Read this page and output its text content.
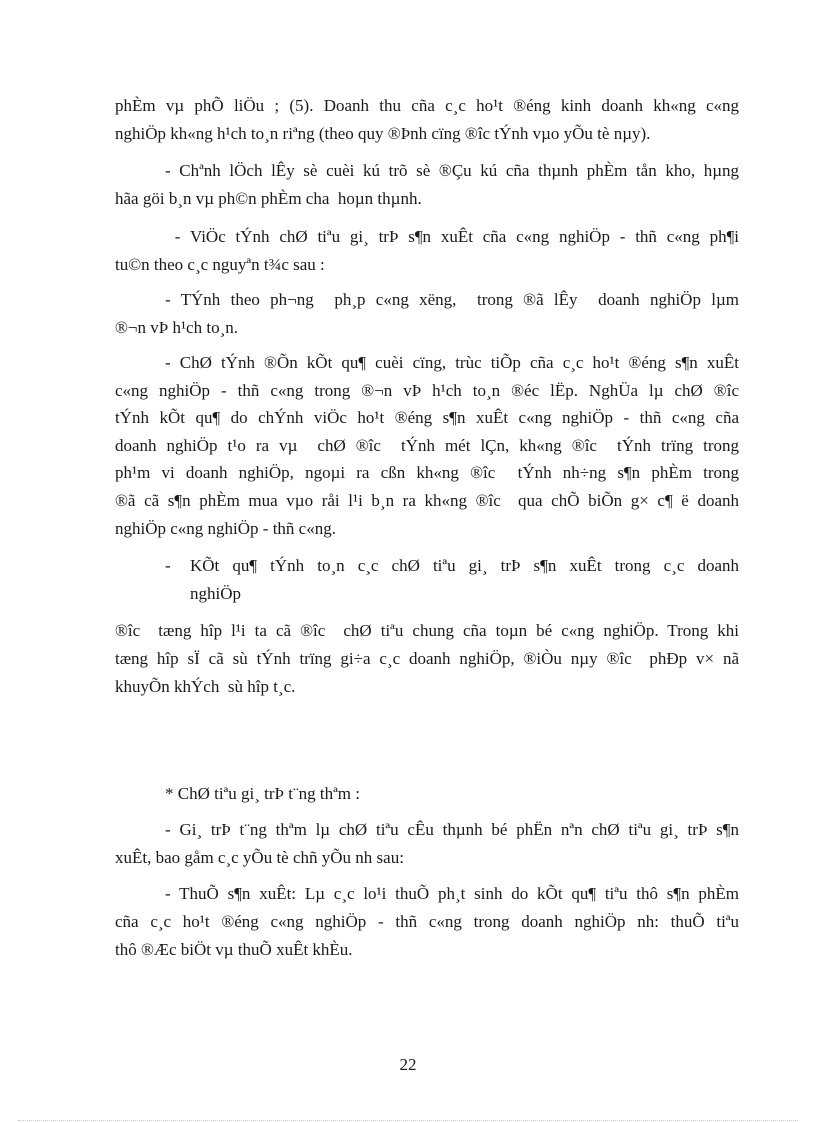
phÈm vµ phÕ liÖu ; (5). Doanh thu cña c¸c ho¹t ®éng kinh doanh kh«ng c«ng
nghiÖp kh«ng h¹ch to¸n riªng (theo quy ®Þnh cïng ®îc tÝnh vµo yÕu tè nµy).
- Chªnh lÖch lÊy sè cuèi kú trõ sè ®Çu kú cña thµnh phÈm tån kho, hµng
hãa göi b¸n vµ ph©n phÈm cha  hoµn thµnh.
- ViÖc tÝnh chØ tiªu gi¸ trÞ s¶n xuÊt cña c«ng nghiÖp - thñ c«ng ph¶i
tu©n theo c¸c nguyªn t¾c sau :
- TÝnh theo ph¬ng  ph¸p c«ng xëng,  trong ®ã lÊy  doanh nghiÖp lµm
®¬n vÞ h¹ch to¸n.
- ChØ tÝnh ®Õn kÕt qu¶ cuèi cïng, trùc tiÕp cña c¸c ho¹t ®éng s¶n xuÊt
c«ng nghiÖp - thñ c«ng trong ®¬n vÞ h¹ch to¸n ®éc lËp. NghÜa lµ chØ ®îc
tÝnh kÕt qu¶ do chÝnh viÖc ho¹t ®éng s¶n xuÊt c«ng nghiÖp - thñ c«ng cña
doanh nghiÖp t¹o ra vµ  chØ ®îc  tÝnh mét lÇn, kh«ng ®îc  tÝnh trïng trong
ph¹m vi doanh nghiÖp, ngoµi ra cßn kh«ng ®îc  tÝnh nh÷ng s¶n phÈm trong
®ã cã s¶n phÈm mua vµo råi l¹i b¸n ra kh«ng ®îc  qua chÕ biÕn g× c¶ ë doanh
nghiÖp c«ng nghiÖp - thñ c«ng.
- KÕt qu¶ tÝnh to¸n c¸c chØ tiªu gi¸ trÞ s¶n xuÊt trong c¸c doanh
nghiÖp
®îc  tæng hîp l¹i ta cã ®îc  chØ tiªu chung cña toµn bé c«ng nghiÖp. Trong khi
tæng hîp sÏ cã sù tÝnh trïng gi÷a c¸c doanh nghiÖp, ®iÒu nµy ®îc  phÐp v× nã
khuyÕn khÝch  sù hîp t¸c.
* ChØ tiªu gi¸ trÞ t¨ng thªm :
- Gi¸ trÞ t¨ng thªm lµ chØ tiªu cÊu thµnh bé phËn nªn chØ tiªu gi¸ trÞ s¶n
xuÊt, bao gåm c¸c yÕu tè chñ yÕu nh sau:
- ThuÕ s¶n xuÊt: Lµ c¸c lo¹i thuÕ ph¸t sinh do kÕt qu¶ tiªu thô s¶n phÈm
cña c¸c ho¹t ®éng c«ng nghiÖp - thñ c«ng trong doanh nghiÖp nh: thuÕ tiªu
thô ®Æc biÖt vµ thuÕ xuÊt khÈu.
22
